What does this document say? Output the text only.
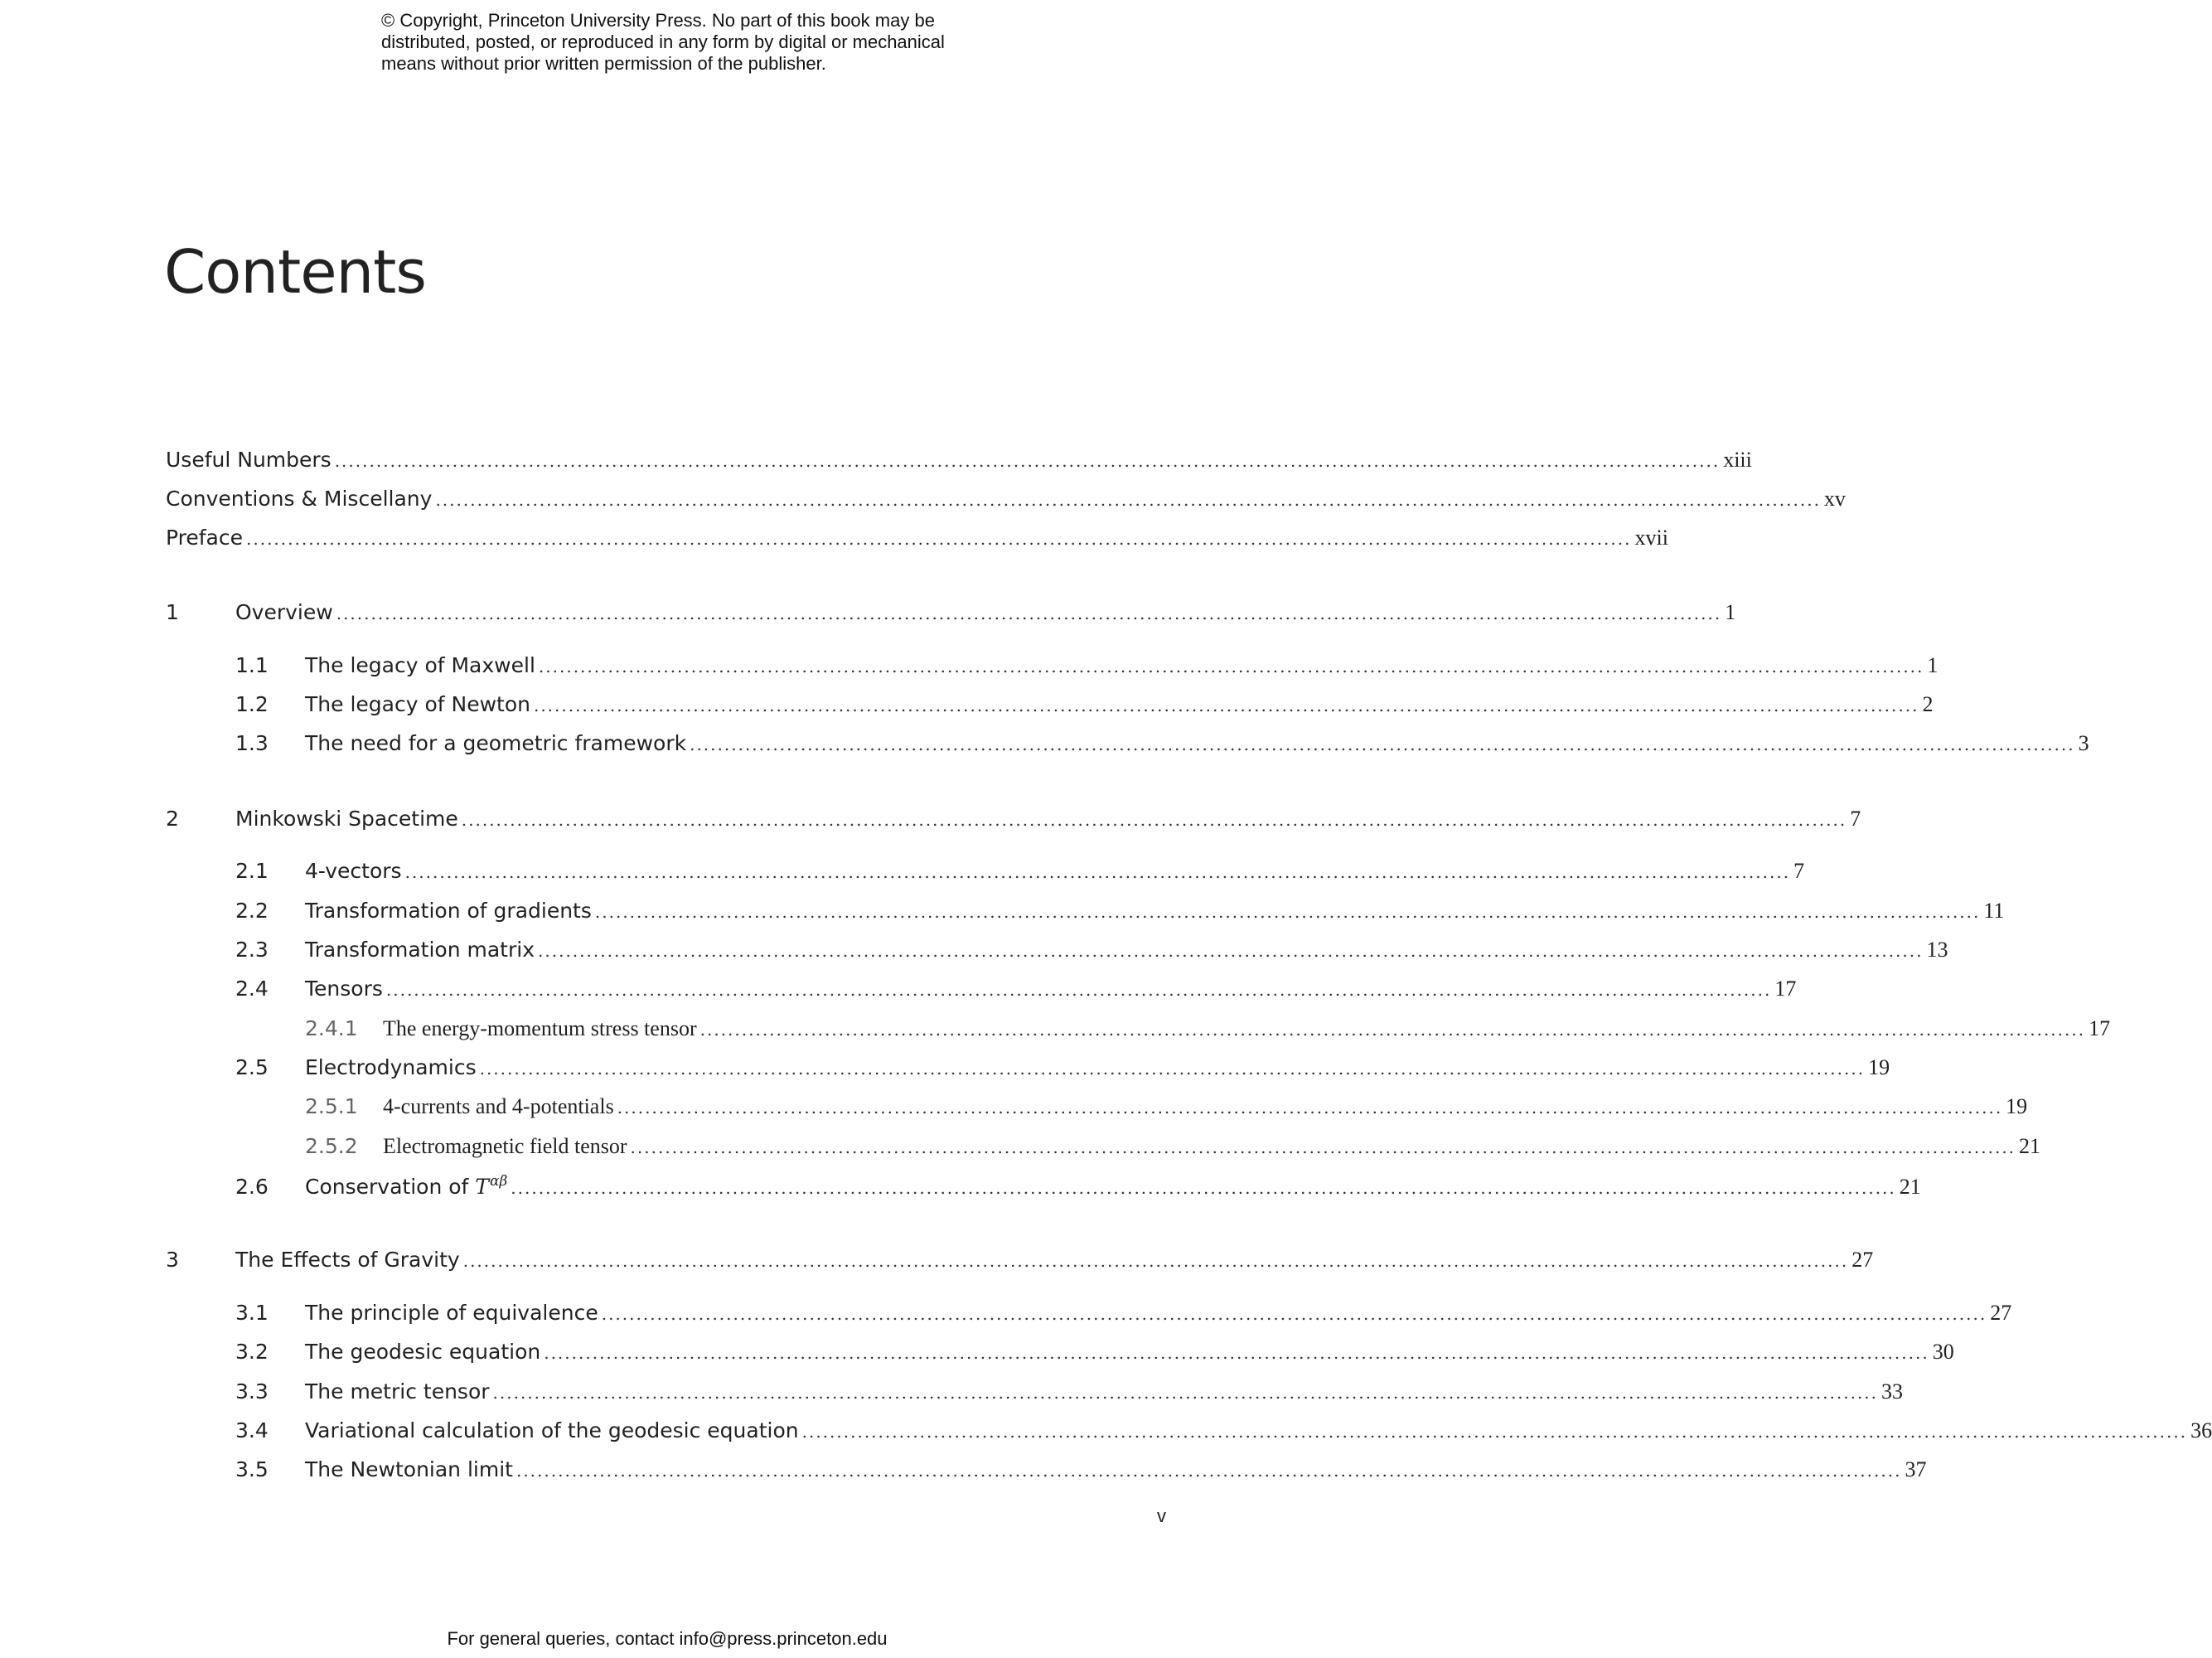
© Copyright, Princeton University Press. No part of this book may be
distributed, posted, or reproduced in any form by digital or mechanical
means without prior written permission of the publisher.
Contents
Useful Numbers ........................................................................................................................................................................................................ xiii
Conventions & Miscellany ........................................................................................................................................................................................................ xv
Preface ........................................................................................................................................................................................................ xvii
1	Overview ........................................................................................................................................................................................................ 1
1.1	The legacy of Maxwell ........................................................................................................................................................................................................ 1
1.2	The legacy of Newton ........................................................................................................................................................................................................ 2
1.3	The need for a geometric framework ........................................................................................................................................................................................................ 3
2	Minkowski Spacetime ........................................................................................................................................................................................................ 7
2.1	4-vectors ........................................................................................................................................................................................................ 7
2.2	Transformation of gradients ........................................................................................................................................................................................................ 11
2.3	Transformation matrix ........................................................................................................................................................................................................ 13
2.4	Tensors ........................................................................................................................................................................................................ 17
2.4.1	The energy-momentum stress tensor ........................................................................................................................................................................................................ 17
2.5	Electrodynamics ........................................................................................................................................................................................................ 19
2.5.1	4-currents and 4-potentials ........................................................................................................................................................................................................ 19
2.5.2	Electromagnetic field tensor ........................................................................................................................................................................................................ 21
2.6	Conservation of $T^{\alpha\beta}$ ........................................................................................................................................................................................................ 21
3	The Effects of Gravity ........................................................................................................................................................................................................ 27
3.1	The principle of equivalence ........................................................................................................................................................................................................ 27
3.2	The geodesic equation ........................................................................................................................................................................................................ 30
3.3	The metric tensor ........................................................................................................................................................................................................ 33
3.4	Variational calculation of the geodesic equation ........................................................................................................................................................................................................ 36
3.5	The Newtonian limit ........................................................................................................................................................................................................ 37
v
For general queries, contact info@press.princeton.edu
